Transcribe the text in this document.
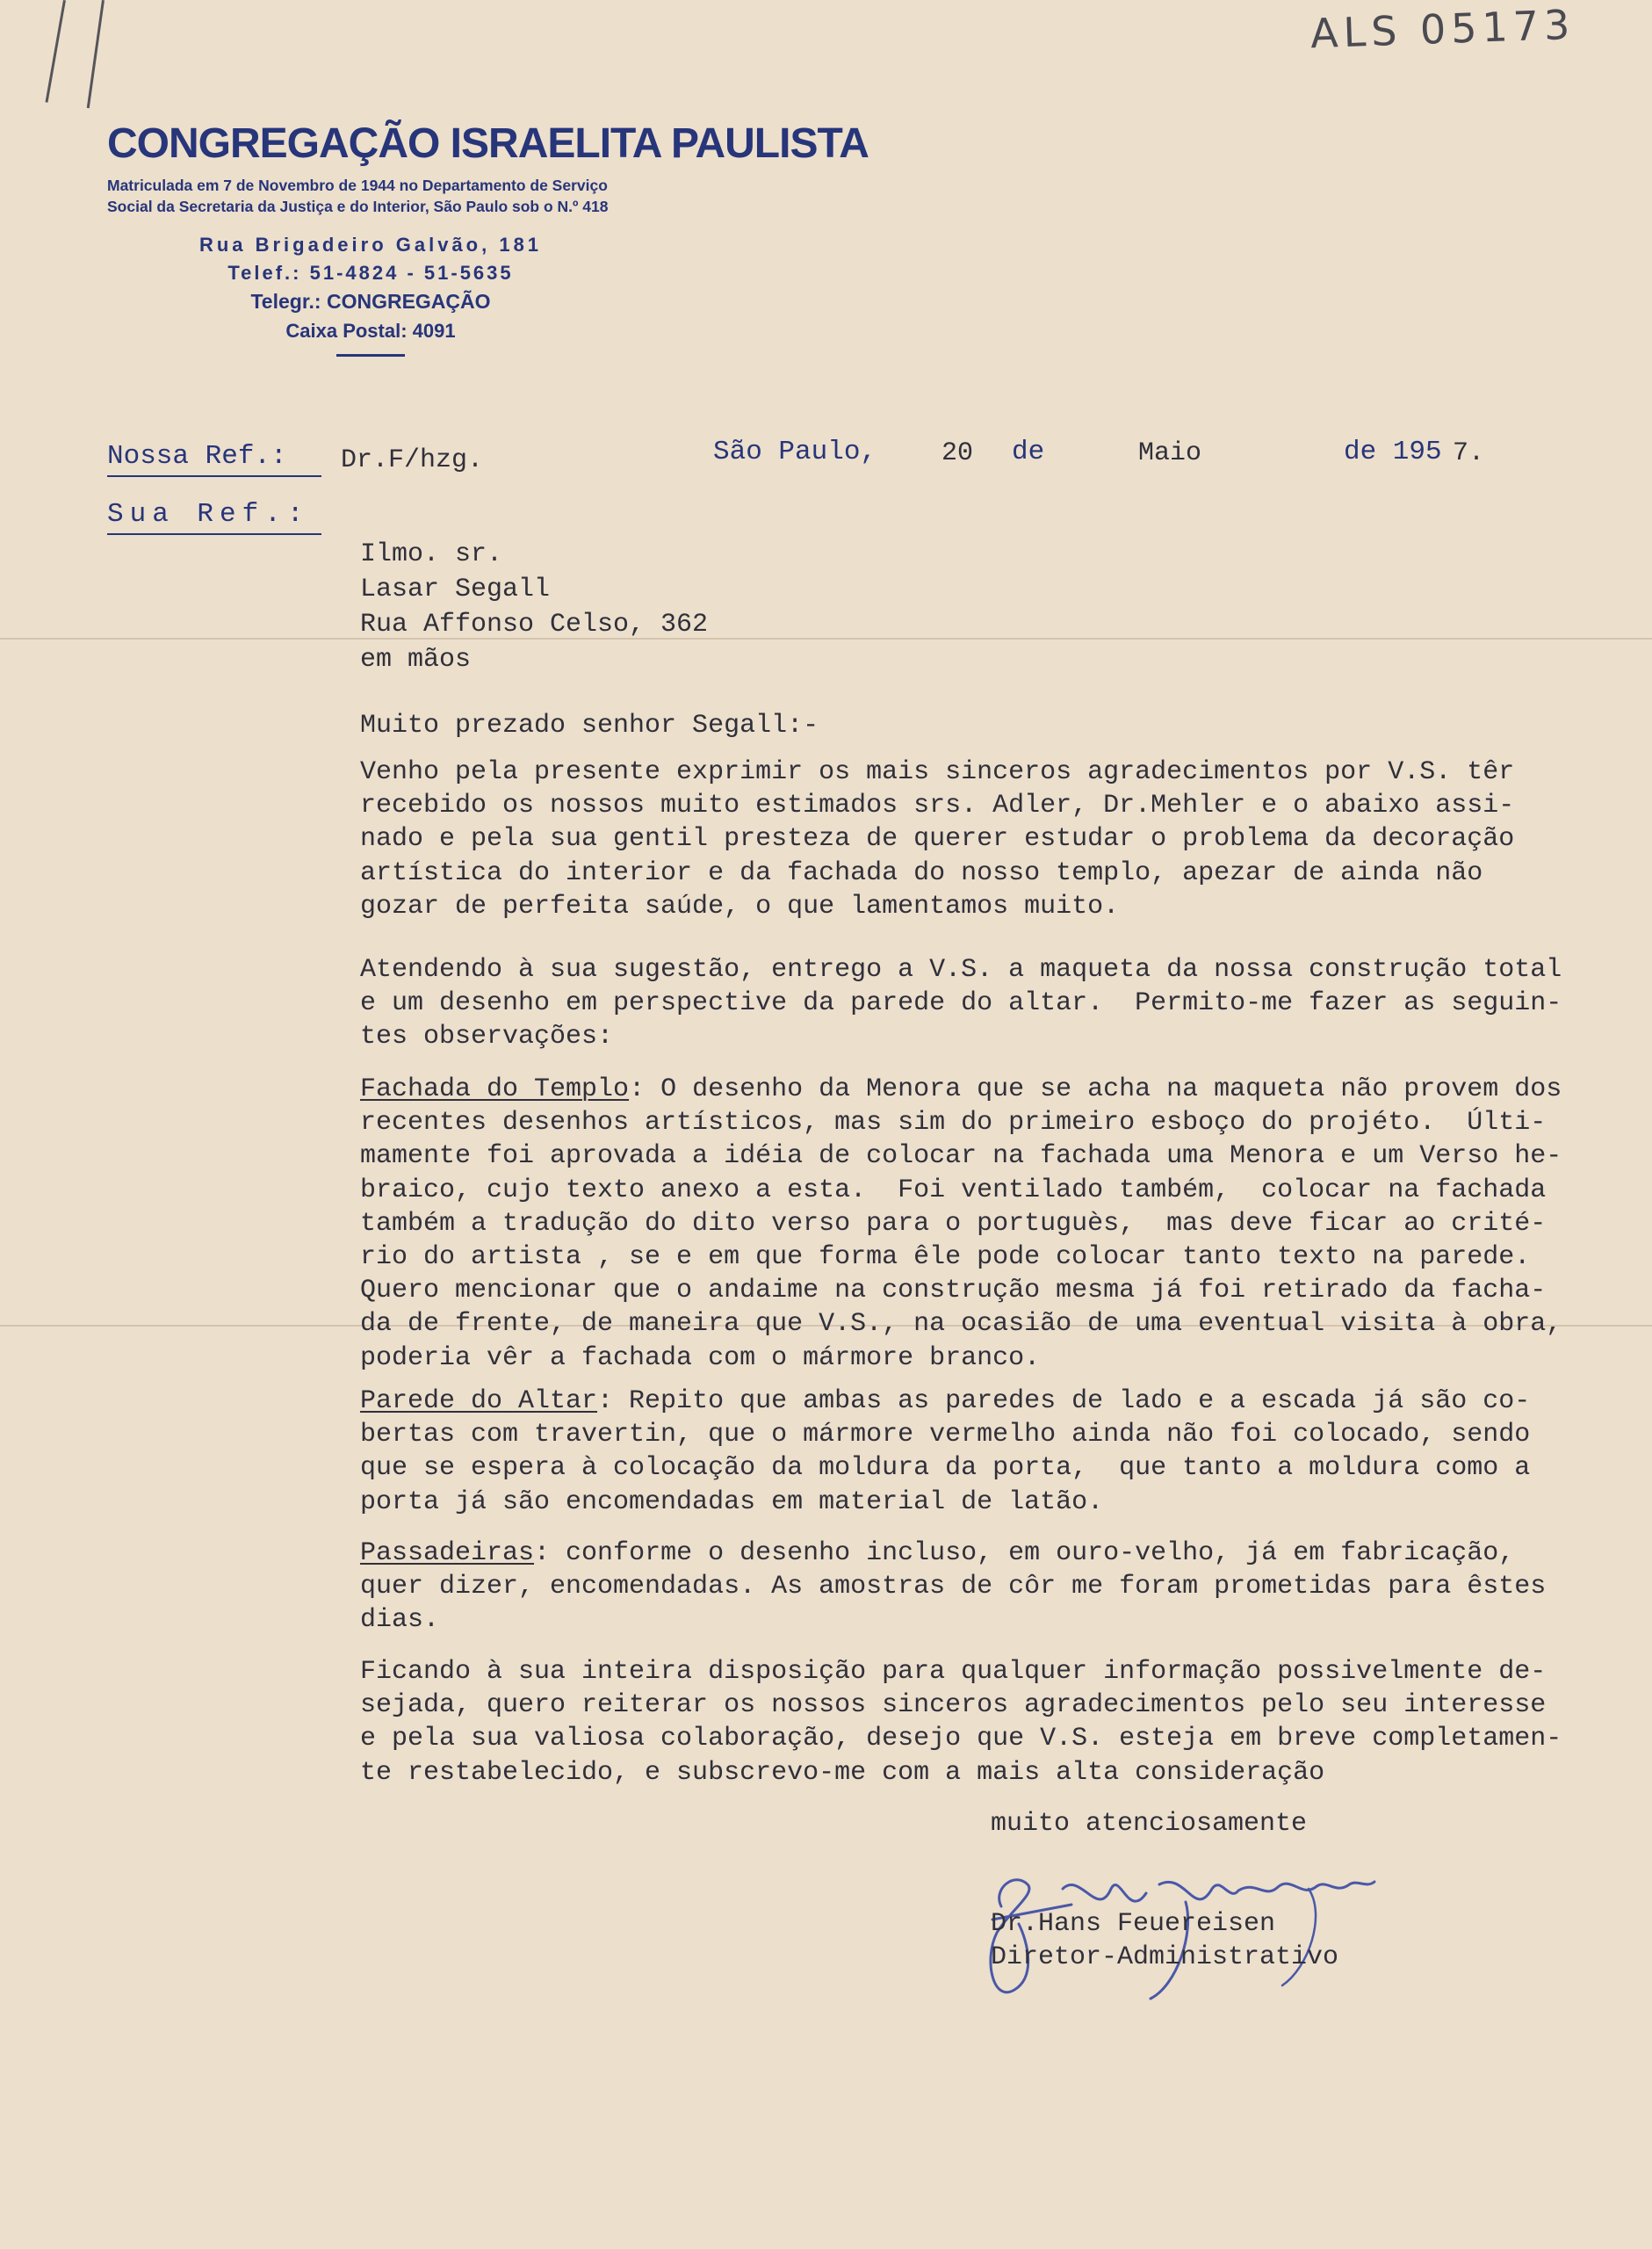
ALS 05173
CONGREGAÇÃO ISRAELITA PAULISTA
Matriculada em 7 de Novembro de 1944 no Departamento de Serviço
Social da Secretaria da Justiça e do Interior, São Paulo sob o N.º 418
Rua Brigadeiro Galvão, 181
Telef.: 51-4824 - 51-5635
Telegr.: CONGREGAÇÃO
Caixa Postal: 4091
Nossa Ref.: Dr.F/hzg.
Sua Ref.:
São Paulo, 20 de	Maio	de 195 7.
Ilmo. sr.
Lasar Segall
Rua Affonso Celso, 362
em mãos
Muito prezado senhor Segall:-
Venho pela presente exprimir os mais sinceros agradecimentos por V.S. têr
recebido os nossos muito estimados srs. Adler, Dr.Mehler e o abaixo assi-
nado e pela sua gentil presteza de querer estudar o problema da decoração
artística do interior e da fachada do nosso templo, apezar de ainda não
gozar de perfeita saúde, o que lamentamos muito.
Atendendo à sua sugestão, entrego a V.S. a maqueta da nossa construção total
e um desenho em perspective da parede do altar.  Permito-me fazer as seguin-
tes observações:
Fachada do Templo: O desenho da Menora que se acha na maqueta não provem dos
recentes desenhos artísticos, mas sim do primeiro esboço do projéto.  Últi-
mamente foi aprovada a idéia de colocar na fachada uma Menora e um Verso he-
braico, cujo texto anexo a esta.  Foi ventilado também,  colocar na fachada
também a tradução do dito verso para o portuguès,  mas deve ficar ao crité-
rio do artista , se e em que forma êle pode colocar tanto texto na parede.
Quero mencionar que o andaime na construção mesma já foi retirado da facha-
da de frente, de maneira que V.S., na ocasião de uma eventual visita à obra,
poderia vêr a fachada com o mármore branco.
Parede do Altar: Repito que ambas as paredes de lado e a escada já são co-
bertas com travertin, que o mármore vermelho ainda não foi colocado, sendo
que se espera à colocação da moldura da porta,  que tanto a moldura como a
porta já são encomendadas em material de latão.
Passadeiras: conforme o desenho incluso, em ouro-velho, já em fabricação,
quer dizer, encomendadas. As amostras de côr me foram prometidas para êstes
dias.
Ficando à sua inteira disposição para qualquer informação possivelmente de-
sejada, quero reiterar os nossos sinceros agradecimentos pelo seu interesse
e pela sua valiosa colaboração, desejo que V.S. esteja em breve completamen-
te restabelecido, e subscrevo-me com a mais alta consideração
muito atenciosamente
Dr.Hans Feuereisen
Diretor-Administrativo
